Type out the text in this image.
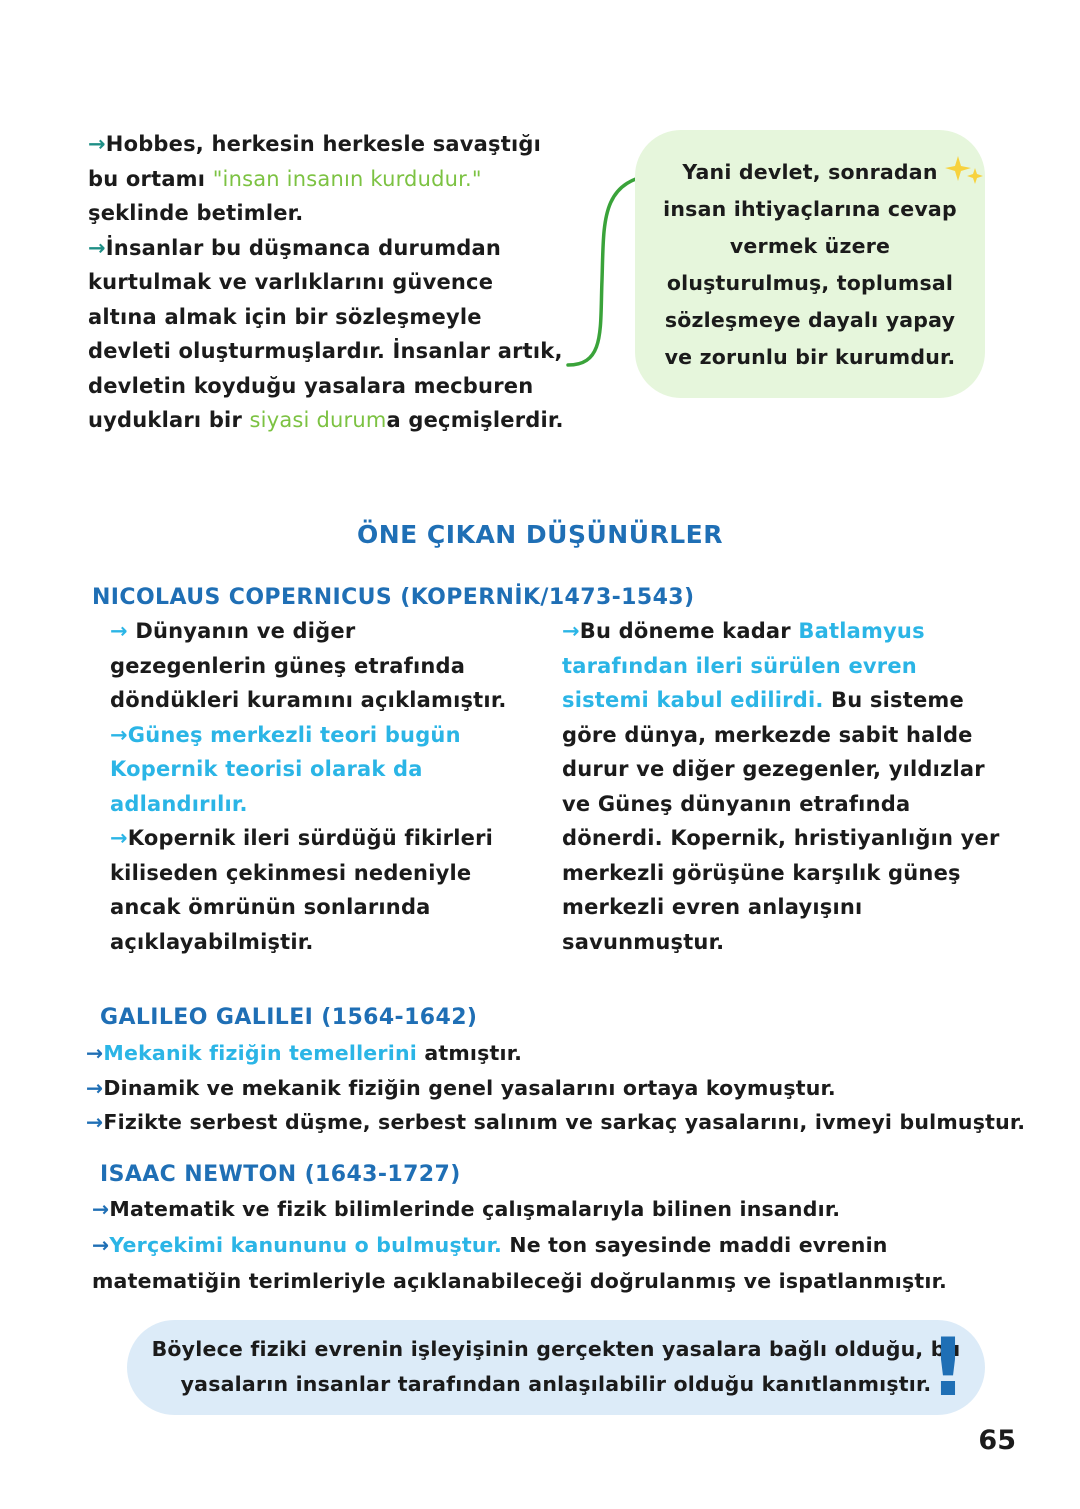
→Hobbes, herkesin herkesle savaştığı bu ortamı "insan insanın kurdudur." şeklinde betimler.

→İnsanlar bu düşmanca durumdan kurtulmak ve varlıklarını güvence altına almak için bir sözleşmeyle devleti oluşturmuşlardır. İnsanlar artık, devletin koyduğu yasalara mecburen uydukları bir siyasi duruma geçmişlerdir.

Yani devlet, sonradan

insan ihtiyaçlarına cevap

vermek üzere

oluşturulmuş, toplumsal

sözleşmeye dayalı yapay

ve zorunlu bir kurumdur.

ÖNE ÇIKAN DÜŞÜNÜRLER
NICOLAUS COPERNICUS (KOPERNİK/1473-1543)

→ Dünyanın ve diğer gezegenlerin güneş etrafında döndükleri kuramını açıklamıştır.

→Güneş merkezli teori bugün Kopernik teorisi olarak da adlandırılır.

→Kopernik ileri sürdüğü fikirleri kiliseden çekinmesi nedeniyle ancak ömrünün sonlarında açıklayabilmiştir.

→Bu döneme kadar Batlamyus tarafından ileri sürülen evren sistemi kabul edilirdi. Bu sisteme göre dünya, merkezde sabit halde durur ve diğer gezegenler, yıldızlar ve Güneş dünyanın etrafında dönerdi. Kopernik, hristiyanlığın yer merkezli görüşüne karşılık güneş merkezli evren anlayışını savunmuştur.

GALILEO GALILEI (1564-1642)

→Mekanik fiziğin temellerini atmıştır.

→Dinamik ve mekanik fiziğin genel yasalarını ortaya koymuştur.

→Fizikte serbest düşme, serbest salınım ve sarkaç yasalarını, ivmeyi bulmuştur.

ISAAC NEWTON (1643-1727)

→Matematik ve fizik bilimlerinde çalışmalarıyla bilinen insandır.

→Yerçekimi kanununu o bulmuştur. Ne ton sayesinde maddi evrenin matematiğin terimleriyle açıklanabileceği doğrulanmış ve ispatlanmıştır.

Böylece fiziki evrenin işleyişinin gerçekten yasalara bağlı olduğu, bu

yasaların insanlar tarafından anlaşılabilir olduğu kanıtlanmıştır.

!
65
